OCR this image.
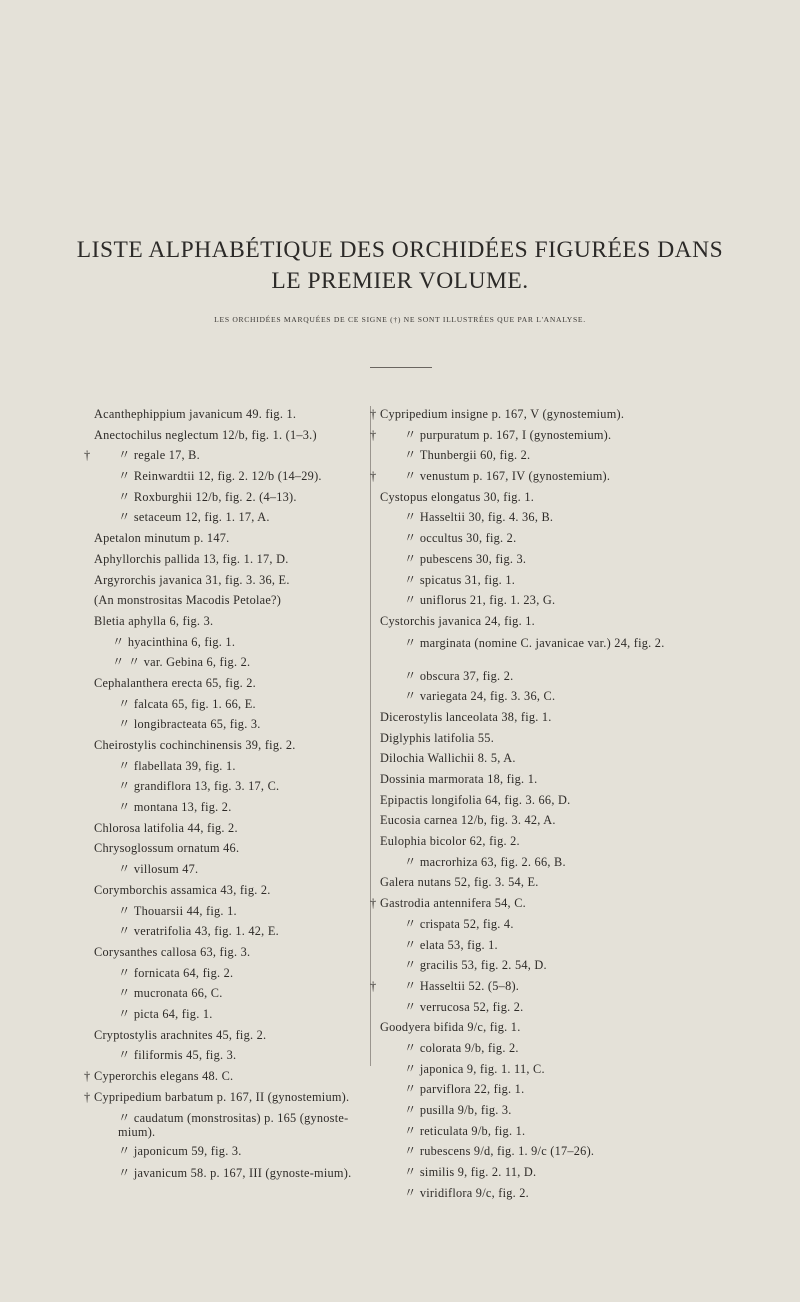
LISTE ALPHABÉTIQUE DES ORCHIDÉES FIGURÉES DANS
LE PREMIER VOLUME.
LES ORCHIDÉES MARQUÉES DE CE SIGNE (†) NE SONT ILLUSTRÉES QUE PAR L'ANALYSE.
Acanthephippium javanicum 49. fig. 1.
Anectochilus neglectum 12/b, fig. 1. (1–3.)
† 〃 regale 17, B.
〃 Reinwardtii 12, fig. 2. 12/b (14–29).
〃 Roxburghii 12/b, fig. 2. (4–13).
〃 setaceum 12, fig. 1. 17, A.
Apetalon minutum p. 147.
Aphyllorchis pallida 13, fig. 1. 17, D.
Argyrorchis javanica 31, fig. 3. 36, E.
(An monstrositas Macodis Petolae?)
Bletia aphylla 6, fig. 3.
〃 hyacinthina 6, fig. 1.
〃 〃 var. Gebina 6, fig. 2.
Cephalanthera erecta 65, fig. 2.
〃 falcata 65, fig. 1. 66, E.
〃 longibracteata 65, fig. 3.
Cheirostylis cochinchinensis 39, fig. 2.
〃 flabellata 39, fig. 1.
〃 grandiflora 13, fig. 3. 17, C.
〃 montana 13, fig. 2.
Chlorosa latifolia 44, fig. 2.
Chrysoglossum ornatum 46.
〃 villosum 47.
Corymborchis assamica 43, fig. 2.
〃 Thouarsii 44, fig. 1.
〃 veratrifolia 43, fig. 1. 42, E.
Corysanthes callosa 63, fig. 3.
〃 fornicata 64, fig. 2.
〃 mucronata 66, C.
〃 picta 64, fig. 1.
Cryptostylis arachnites 45, fig. 2.
〃 filiformis 45, fig. 3.
† Cyperorchis elegans 48. C.
† Cypripedium barbatum p. 167, II (gynostemium).
〃 caudatum (monstrositas) p. 165 (gynoste-mium).
〃 japonicum 59, fig. 3.
〃 javanicum 58. p. 167, III (gynoste-mium).
† Cypripedium insigne p. 167, V (gynostemium).
† 〃 purpuratum p. 167, I (gynostemium).
〃 Thunbergii 60, fig. 2.
† 〃 venustum p. 167, IV (gynostemium).
Cystopus elongatus 30, fig. 1.
〃 Hasseltii 30, fig. 4. 36, B.
〃 occultus 30, fig. 2.
〃 pubescens 30, fig. 3.
〃 spicatus 31, fig. 1.
〃 uniflorus 21, fig. 1. 23, G.
Cystorchis javanica 24, fig. 1.
〃 marginata (nomine C. javanicae var.) 24, fig. 2.
〃 obscura 37, fig. 2.
〃 variegata 24, fig. 3. 36, C.
Dicerostylis lanceolata 38, fig. 1.
Diglyphis latifolia 55.
Dilochia Wallichii 8. 5, A.
Dossinia marmorata 18, fig. 1.
Epipactis longifolia 64, fig. 3. 66, D.
Eucosia carnea 12/b, fig. 3. 42, A.
Eulophia bicolor 62, fig. 2.
〃 macrorhiza 63, fig. 2. 66, B.
Galera nutans 52, fig. 3. 54, E.
† Gastrodia antennifera 54, C.
〃 crispata 52, fig. 4.
〃 elata 53, fig. 1.
〃 gracilis 53, fig. 2. 54, D.
† 〃 Hasseltii 52. (5–8).
〃 verrucosa 52, fig. 2.
Goodyera bifida 9/c, fig. 1.
〃 colorata 9/b, fig. 2.
〃 japonica 9, fig. 1. 11, C.
〃 parviflora 22, fig. 1.
〃 pusilla 9/b, fig. 3.
〃 reticulata 9/b, fig. 1.
〃 rubescens 9/d, fig. 1. 9/c (17–26).
〃 similis 9, fig. 2. 11, D.
〃 viridiflora 9/c, fig. 2.
